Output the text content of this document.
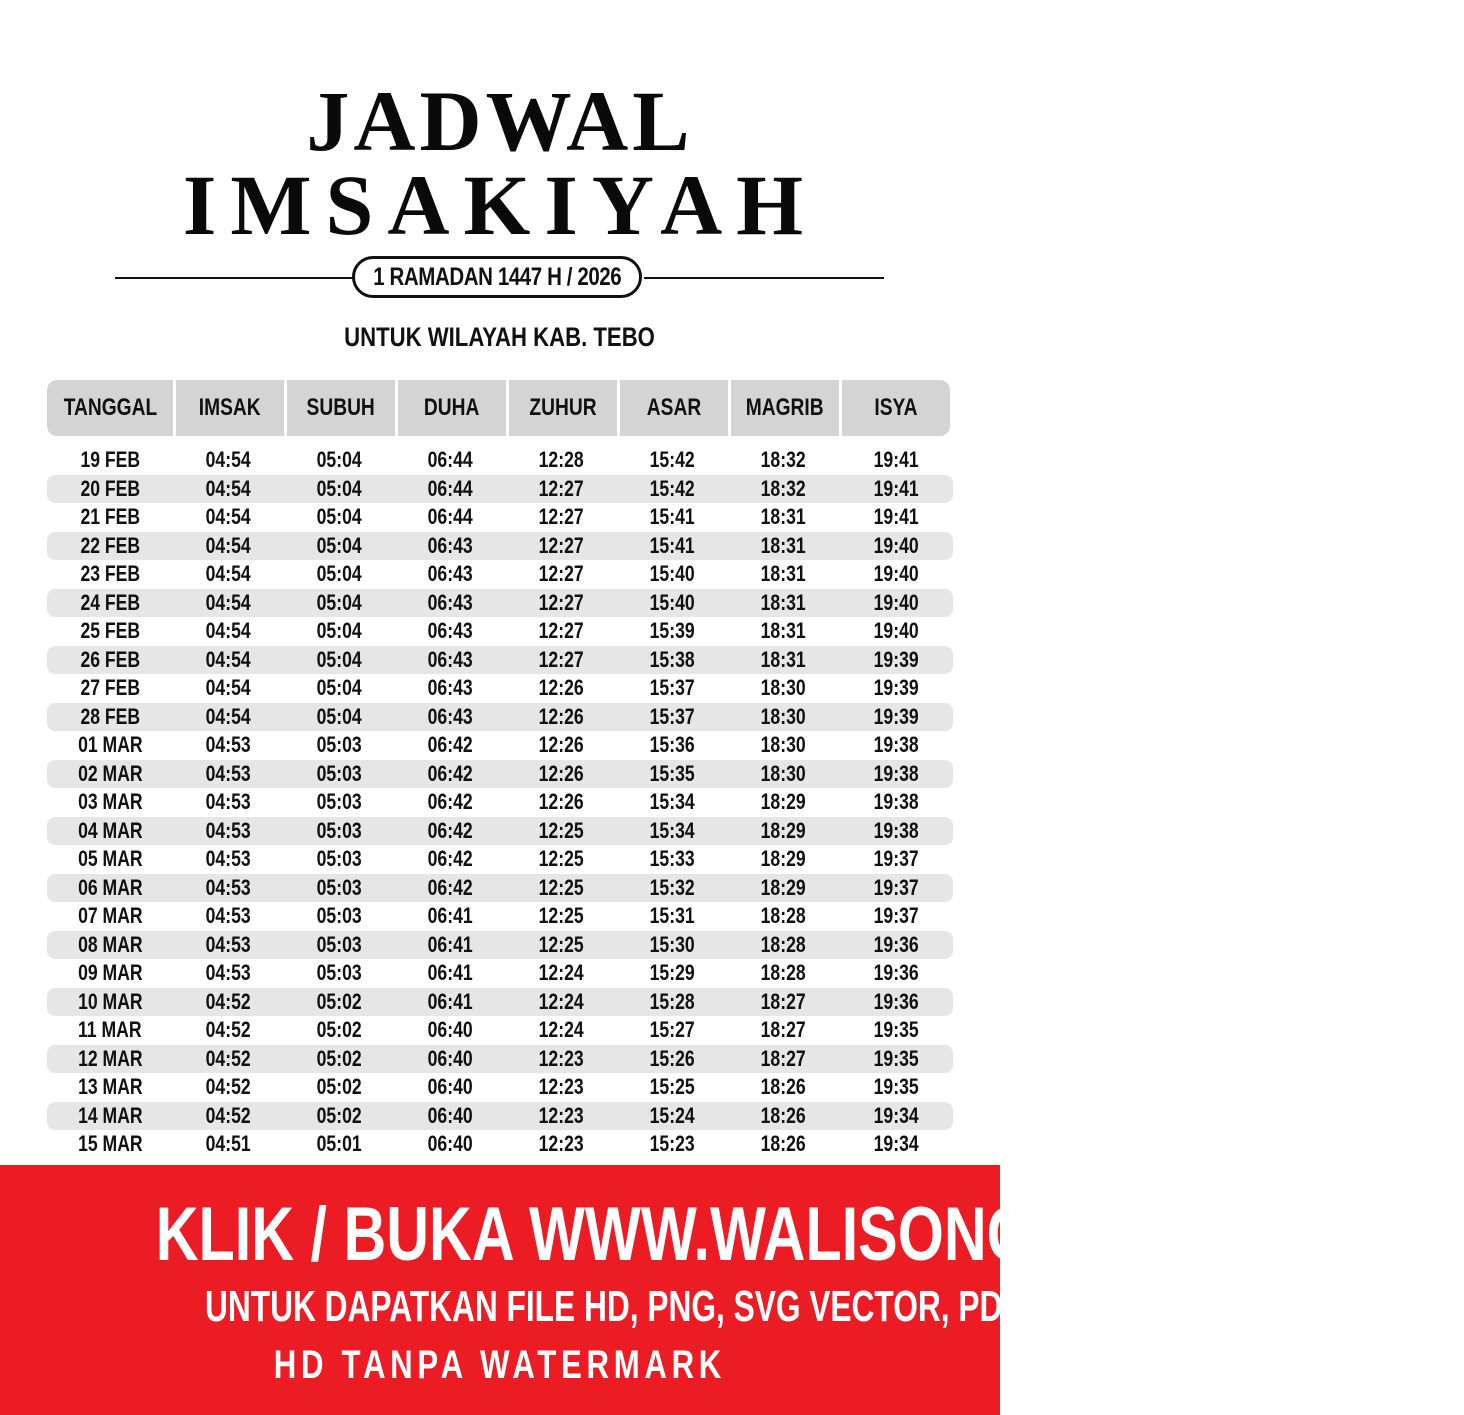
JADWAL
IMSAKIYAH
1 RAMADAN 1447 H / 2026
UNTUK WILAYAH KAB. TEBO
TANGGAL IMSAK SUBUH DUHA ZUHUR ASAR MAGRIB ISYA
19 FEB	04:54	05:04	06:44	12:28	15:42	18:32	19:41
20 FEB	04:54	05:04	06:44	12:27	15:42	18:32	19:41
21 FEB	04:54	05:04	06:44	12:27	15:41	18:31	19:41
22 FEB	04:54	05:04	06:43	12:27	15:41	18:31	19:40
23 FEB	04:54	05:04	06:43	12:27	15:40	18:31	19:40
24 FEB	04:54	05:04	06:43	12:27	15:40	18:31	19:40
25 FEB	04:54	05:04	06:43	12:27	15:39	18:31	19:40
26 FEB	04:54	05:04	06:43	12:27	15:38	18:31	19:39
27 FEB	04:54	05:04	06:43	12:26	15:37	18:30	19:39
28 FEB	04:54	05:04	06:43	12:26	15:37	18:30	19:39
01 MAR	04:53	05:03	06:42	12:26	15:36	18:30	19:38
02 MAR	04:53	05:03	06:42	12:26	15:35	18:30	19:38
03 MAR	04:53	05:03	06:42	12:26	15:34	18:29	19:38
04 MAR	04:53	05:03	06:42	12:25	15:34	18:29	19:38
05 MAR	04:53	05:03	06:42	12:25	15:33	18:29	19:37
06 MAR	04:53	05:03	06:42	12:25	15:32	18:29	19:37
07 MAR	04:53	05:03	06:41	12:25	15:31	18:28	19:37
08 MAR	04:53	05:03	06:41	12:25	15:30	18:28	19:36
09 MAR	04:53	05:03	06:41	12:24	15:29	18:28	19:36
10 MAR	04:52	05:02	06:41	12:24	15:28	18:27	19:36
11 MAR	04:52	05:02	06:40	12:24	15:27	18:27	19:35
12 MAR	04:52	05:02	06:40	12:23	15:26	18:27	19:35
13 MAR	04:52	05:02	06:40	12:23	15:25	18:26	19:35
14 MAR	04:52	05:02	06:40	12:23	15:24	18:26	19:34
15 MAR	04:51	05:01	06:40	12:23	15:23	18:26	19:34
KLIK / BUKA WWW.WALISONGO.CO.ID
UNTUK DAPATKAN FILE HD, PNG, SVG VECTOR, PDF, WORD, EXCEL
HD TANPA WATERMARK
